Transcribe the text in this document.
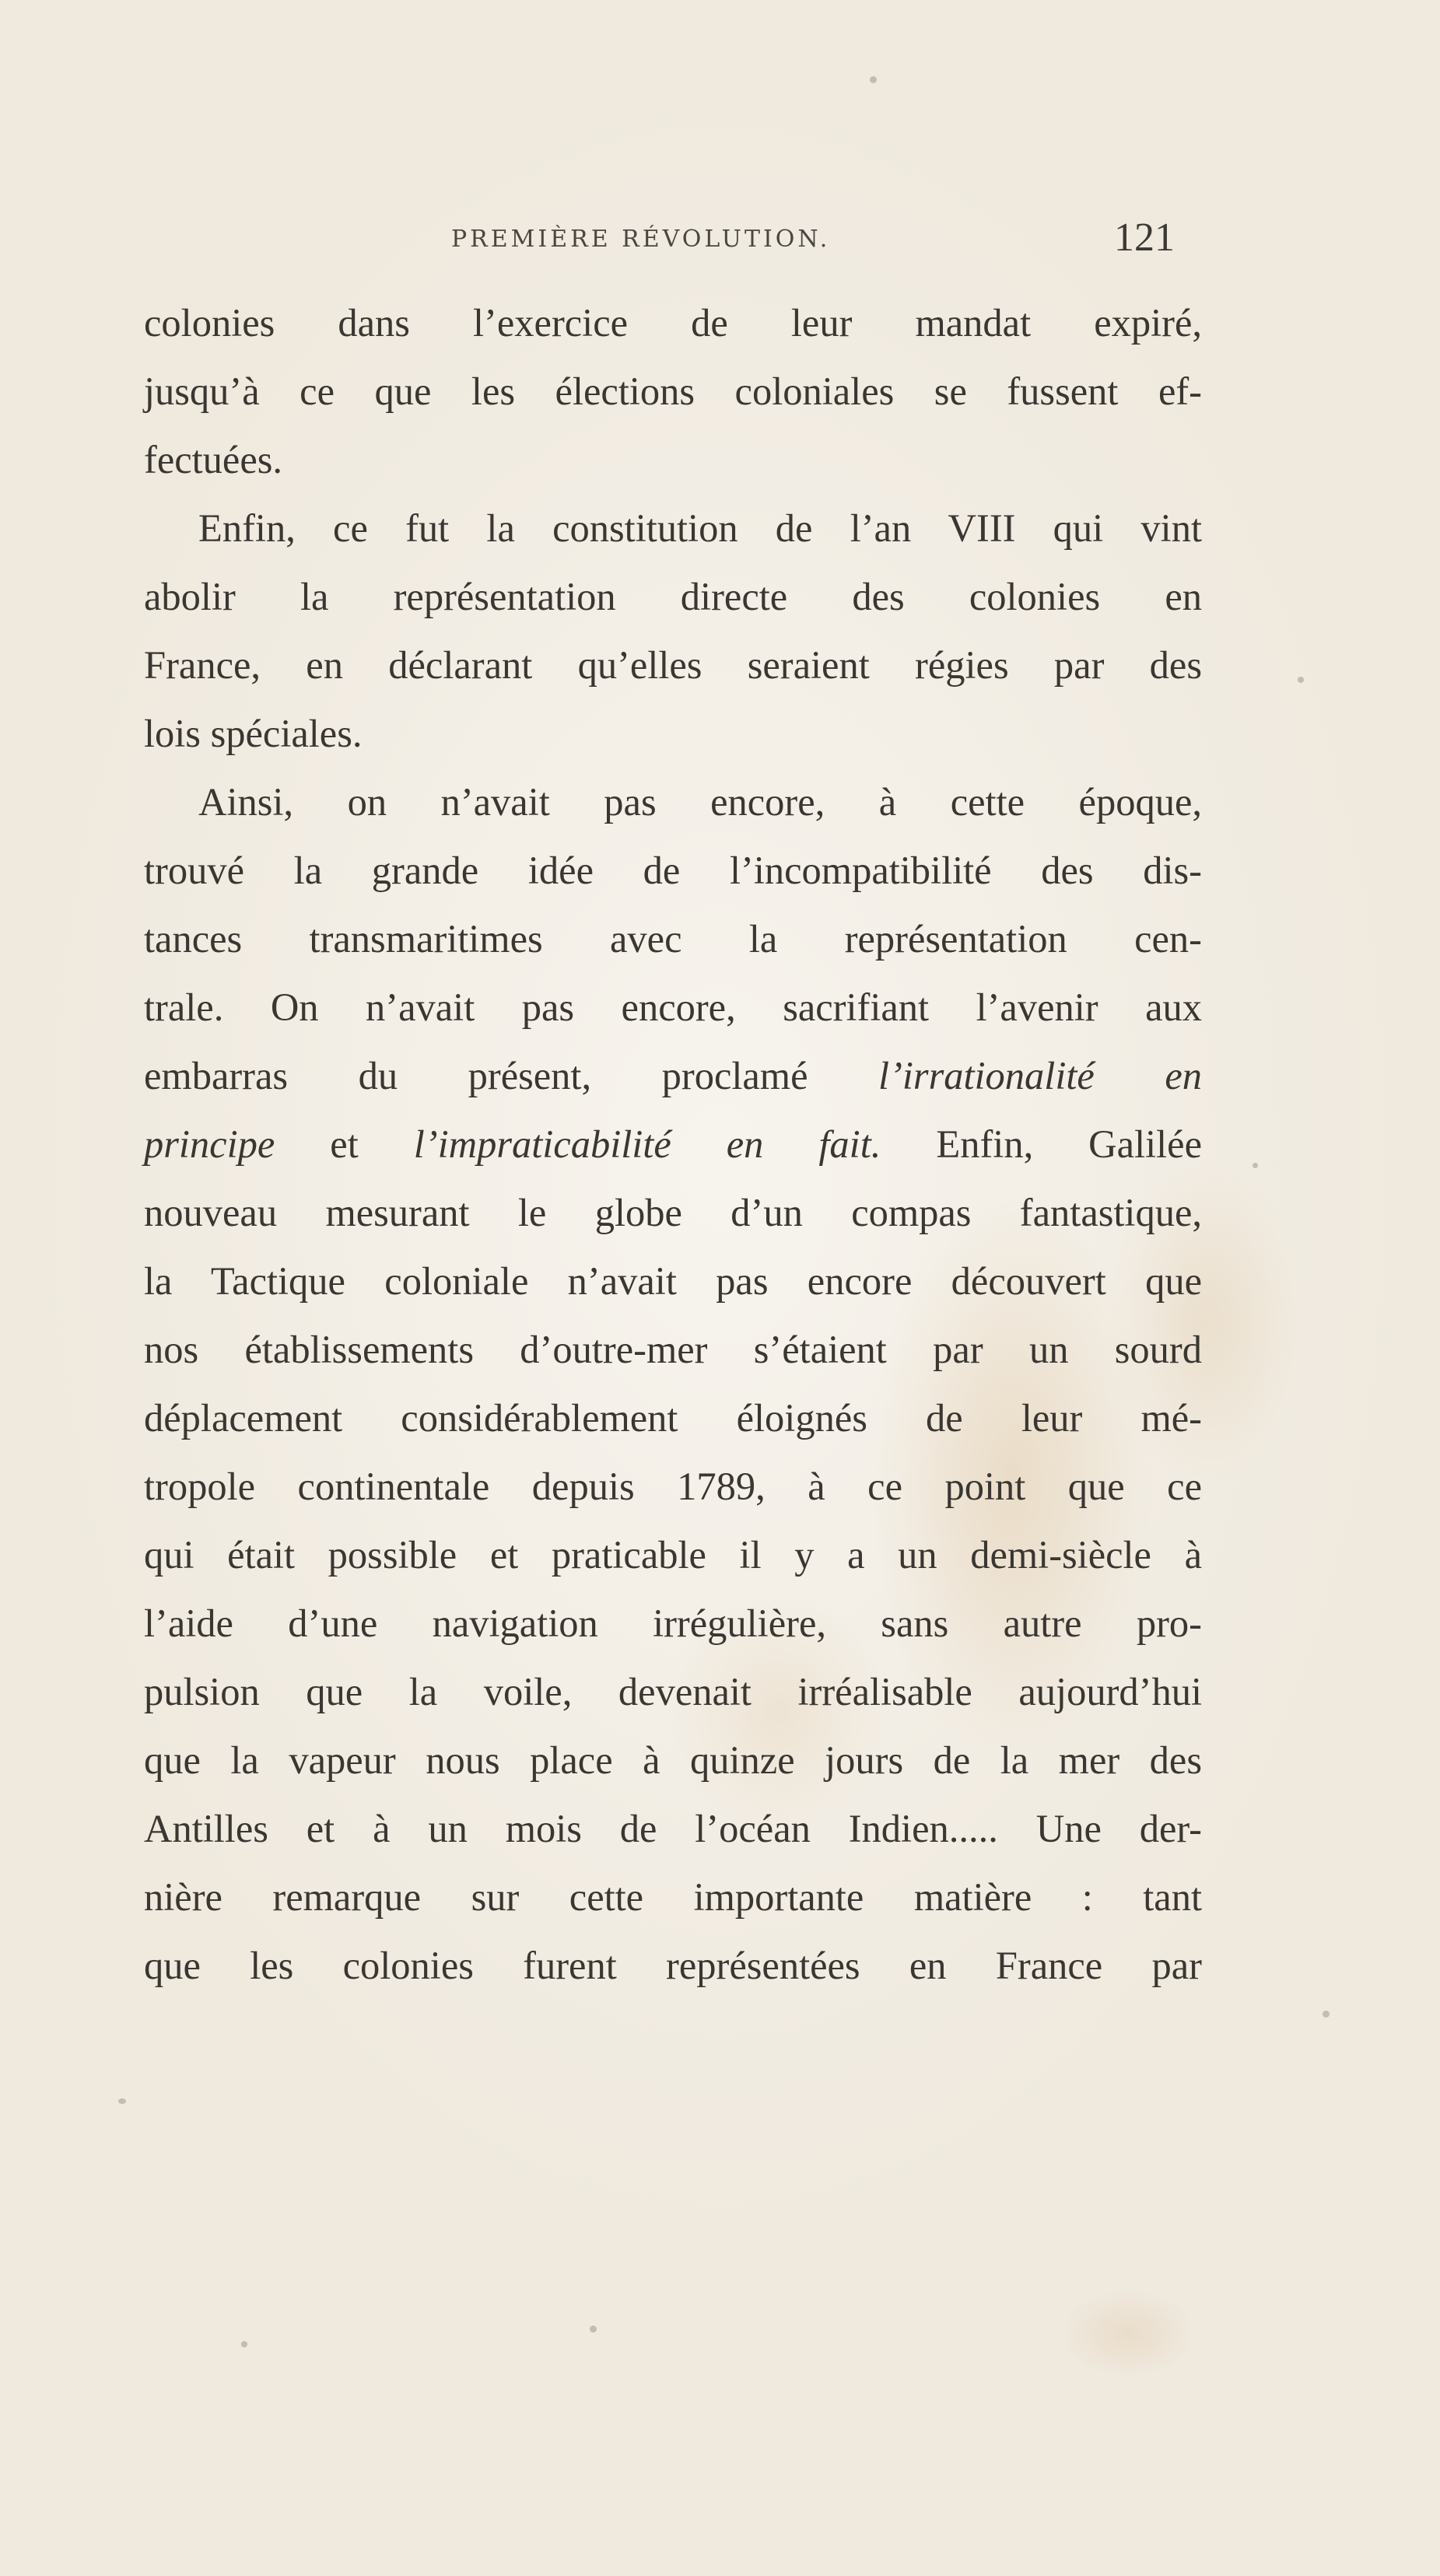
PREMIÈRE RÉVOLUTION.	121
colonies dans l’exercice de leur mandat expiré,
jusqu’à ce que les élections coloniales se fussent ef-
fectuées.
Enfin, ce fut la constitution de l’an VIII qui vint
abolir la représentation directe des colonies en
France, en déclarant qu’elles seraient régies par des
lois spéciales.
Ainsi, on n’avait pas encore, à cette époque,
trouvé la grande idée de l’incompatibilité des dis-
tances transmaritimes avec la représentation cen-
trale. On n’avait pas encore, sacrifiant l’avenir aux
embarras du présent, proclamé l’irrationalité en
principe et l’impraticabilité en fait. Enfin, Galilée
nouveau mesurant le globe d’un compas fantastique,
la Tactique coloniale n’avait pas encore découvert que
nos établissements d’outre-mer s’étaient par un sourd
déplacement considérablement éloignés de leur mé-
tropole continentale depuis 1789, à ce point que ce
qui était possible et praticable il y a un demi-siècle à
l’aide d’une navigation irrégulière, sans autre pro-
pulsion que la voile, devenait irréalisable aujourd’hui
que la vapeur nous place à quinze jours de la mer des
Antilles et à un mois de l’océan Indien..... Une der-
nière remarque sur cette importante matière : tant
que les colonies furent représentées en France par
